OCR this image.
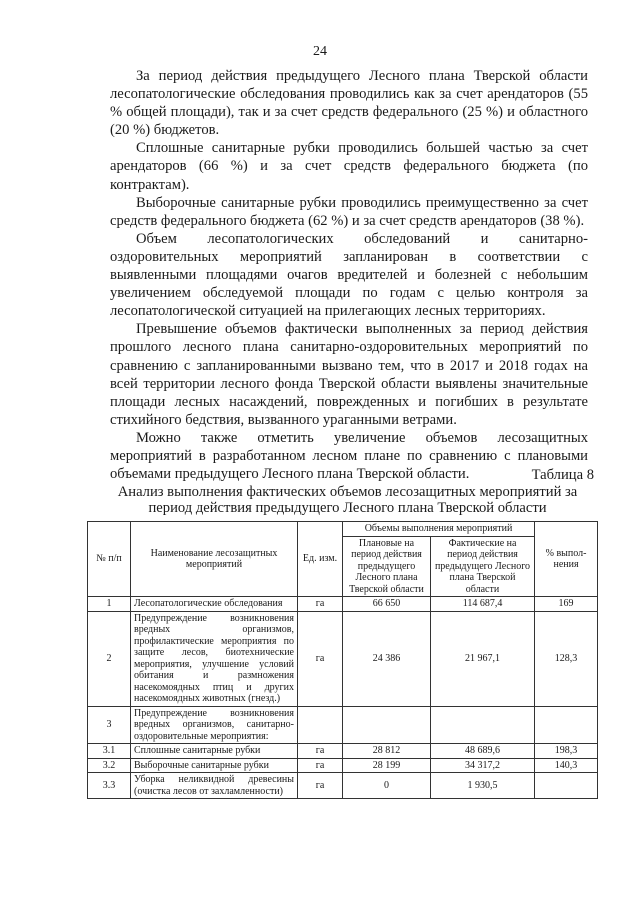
24

За период действия предыдущего Лесного плана Тверской области лесопатологические обследования проводились как за счет арендаторов (55 % общей площади), так и за счет средств федерального (25 %) и областного (20 %) бюджетов.

Сплошные санитарные рубки проводились большей частью за счет арендаторов (66 %) и за счет средств федерального бюджета (по контрактам).

Выборочные санитарные рубки проводились преимущественно за счет средств федерального бюджета (62 %) и за счет средств арендаторов (38 %).

Объем лесопатологических обследований и санитарно-оздоровительных мероприятий запланирован в соответствии с выявленными площадями очагов вредителей и болезней с небольшим увеличением обследуемой площади по годам с целью контроля за лесопатологической ситуацией на прилегающих лесных территориях.

Превышение объемов фактически выполненных за период действия прошлого лесного плана санитарно-оздоровительных мероприятий по сравнению с запланированными вызвано тем, что в 2017 и 2018 годах на всей территории лесного фонда Тверской области выявлены значительные площади лесных насаждений, поврежденных и погибших в результате стихийного бедствия, вызванного ураганными ветрами.

Можно также отметить увеличение объемов лесозащитных мероприятий в разработанном лесном плане по сравнению с плановыми объемами предыдущего Лесного плана Тверской области.	Таблица 8
Анализ выполнения фактических объемов лесозащитных мероприятий за период действия предыдущего Лесного плана Тверской области
№ п/п	Наименование лесозащитных мероприятий	Ед. изм.	Объемы выполнения мероприятий		% выпол-нения
			Плановые на период действия предыдущего Лесного плана Тверской области	Фактические на период действия предыдущего Лесного плана Тверской области	
1	Лесопатологические обследования	га	66 650	114 687,4	169
2	Предупреждение возникновения вредных организмов, профилактические мероприятия по защите лесов, биотехнические мероприятия, улучшение условий обитания и размножения насекомоядных птиц и других насекомоядных животных (гнезд.)	га	24 386	21 967,1	128,3
3	Предупреждение возникновения вредных организмов, санитарно-оздоровительные мероприятия:				
3.1	Сплошные санитарные рубки	га	28 812	48 689,6	198,3
3.2	Выборочные санитарные рубки	га	28 199	34 317,2	140,3
3.3	Уборка неликвидной древесины (очистка лесов от захламленности)	га	0	1 930,5	
